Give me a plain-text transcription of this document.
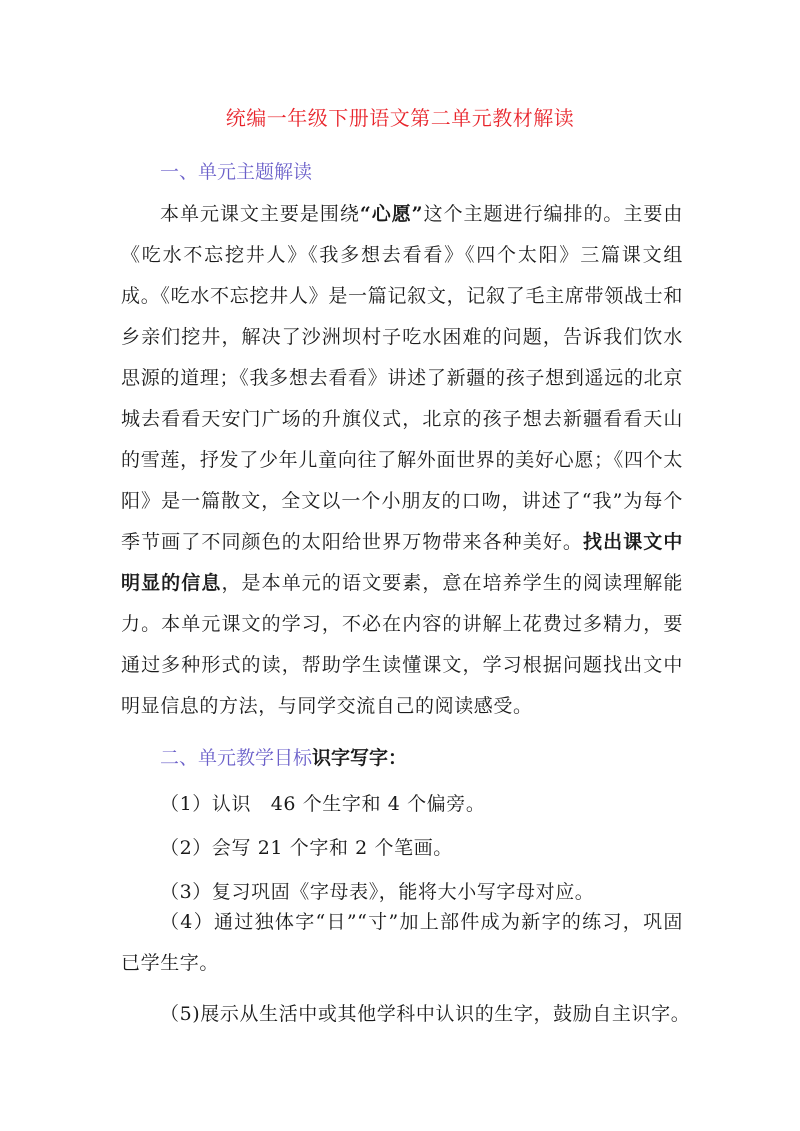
统编一年级下册语文第二单元教材解读
一、单元主题解读
本单元课文主要是围绕“心愿”这个主题进行编排的。主要由《吃水不忘挖井人》《我多想去看看》《四个太阳》三篇课文组成。《吃水不忘挖井人》是一篇记叙文，记叙了毛主席带领战士和乡亲们挖井，解决了沙洲坝村子吃水困难的问题，告诉我们饮水思源的道理；《我多想去看看》讲述了新疆的孩子想到遥远的北京城去看看天安门广场的升旗仪式，北京的孩子想去新疆看看天山的雪莲，抒发了少年儿童向往了解外面世界的美好心愿；《四个太阳》是一篇散文，全文以一个小朋友的口吻，讲述了“我”为每个季节画了不同颜色的太阳给世界万物带来各种美好。找出课文中明显的信息，是本单元的语文要素，意在培养学生的阅读理解能力。本单元课文的学习，不必在内容的讲解上花费过多精力，要通过多种形式的读，帮助学生读懂课文，学习根据问题找出文中明显信息的方法，与同学交流自己的阅读感受。
二、单元教学目标识字写字：
（1）认识　46 个生字和 4 个偏旁。
（2）会写 21 个字和 2 个笔画。
（3）复习巩固《字母表》，能将大小写字母对应。
（4）通过独体字“日”“寸”加上部件成为新字的练习，巩固已学生字。
（5)展示从生活中或其他学科中认识的生字，鼓励自主识字。
